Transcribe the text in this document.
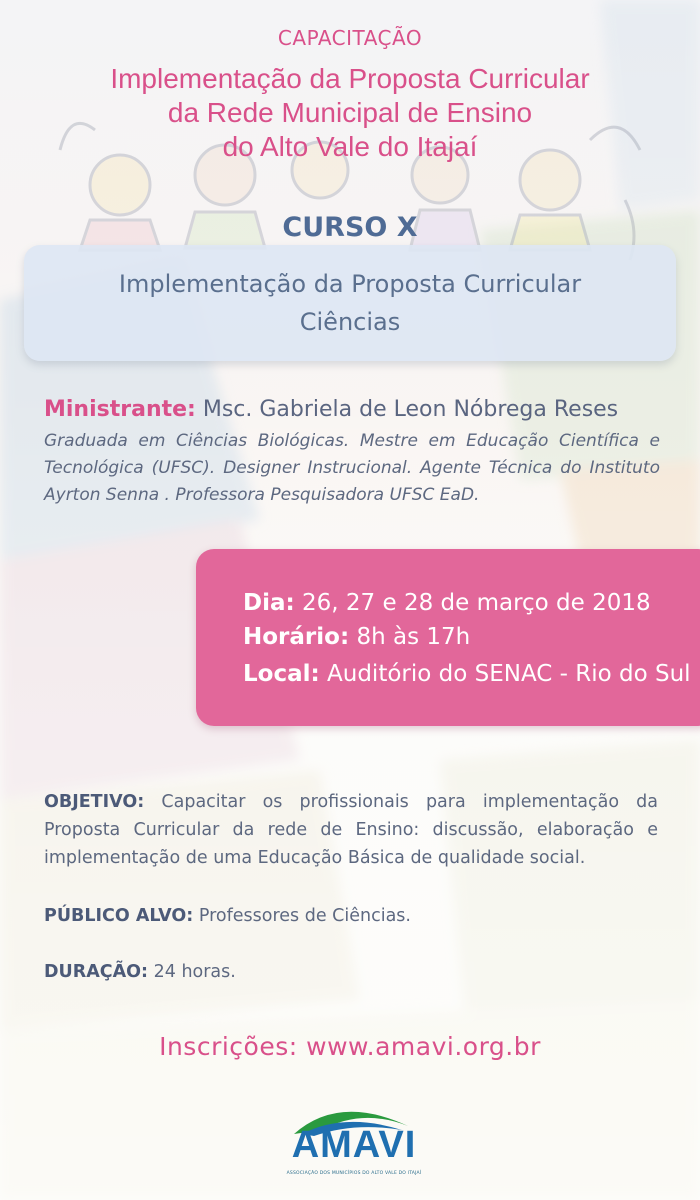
CAPACITAÇÃO
Implementação da Proposta Curricular
da Rede Municipal de Ensino
do Alto Vale do Itajaí
CURSO X
Implementação da Proposta Curricular
Ciências
Ministrante: Msc. Gabriela de Leon Nóbrega Reses
Graduada em Ciências Biológicas. Mestre em Educação Científica e Tecnológica (UFSC). Designer Instrucional. Agente Técnica do Instituto Ayrton Senna . Professora Pesquisadora UFSC EaD.
Dia: 26, 27 e 28 de março de 2018
Horário: 8h às 17h
Local: Auditório do SENAC - Rio do Sul
OBJETIVO: Capacitar os profissionais para implementação da Proposta Curricular da rede de Ensino: discussão, elaboração e implementação de uma Educação Básica de qualidade social.
PÚBLICO ALVO: Professores de Ciências.
DURAÇÃO: 24 horas.
Inscrições: www.amavi.org.br
AMAVI
ASSOCIAÇÃO DOS MUNICÍPIOS DO ALTO VALE DO ITAJAÍ
